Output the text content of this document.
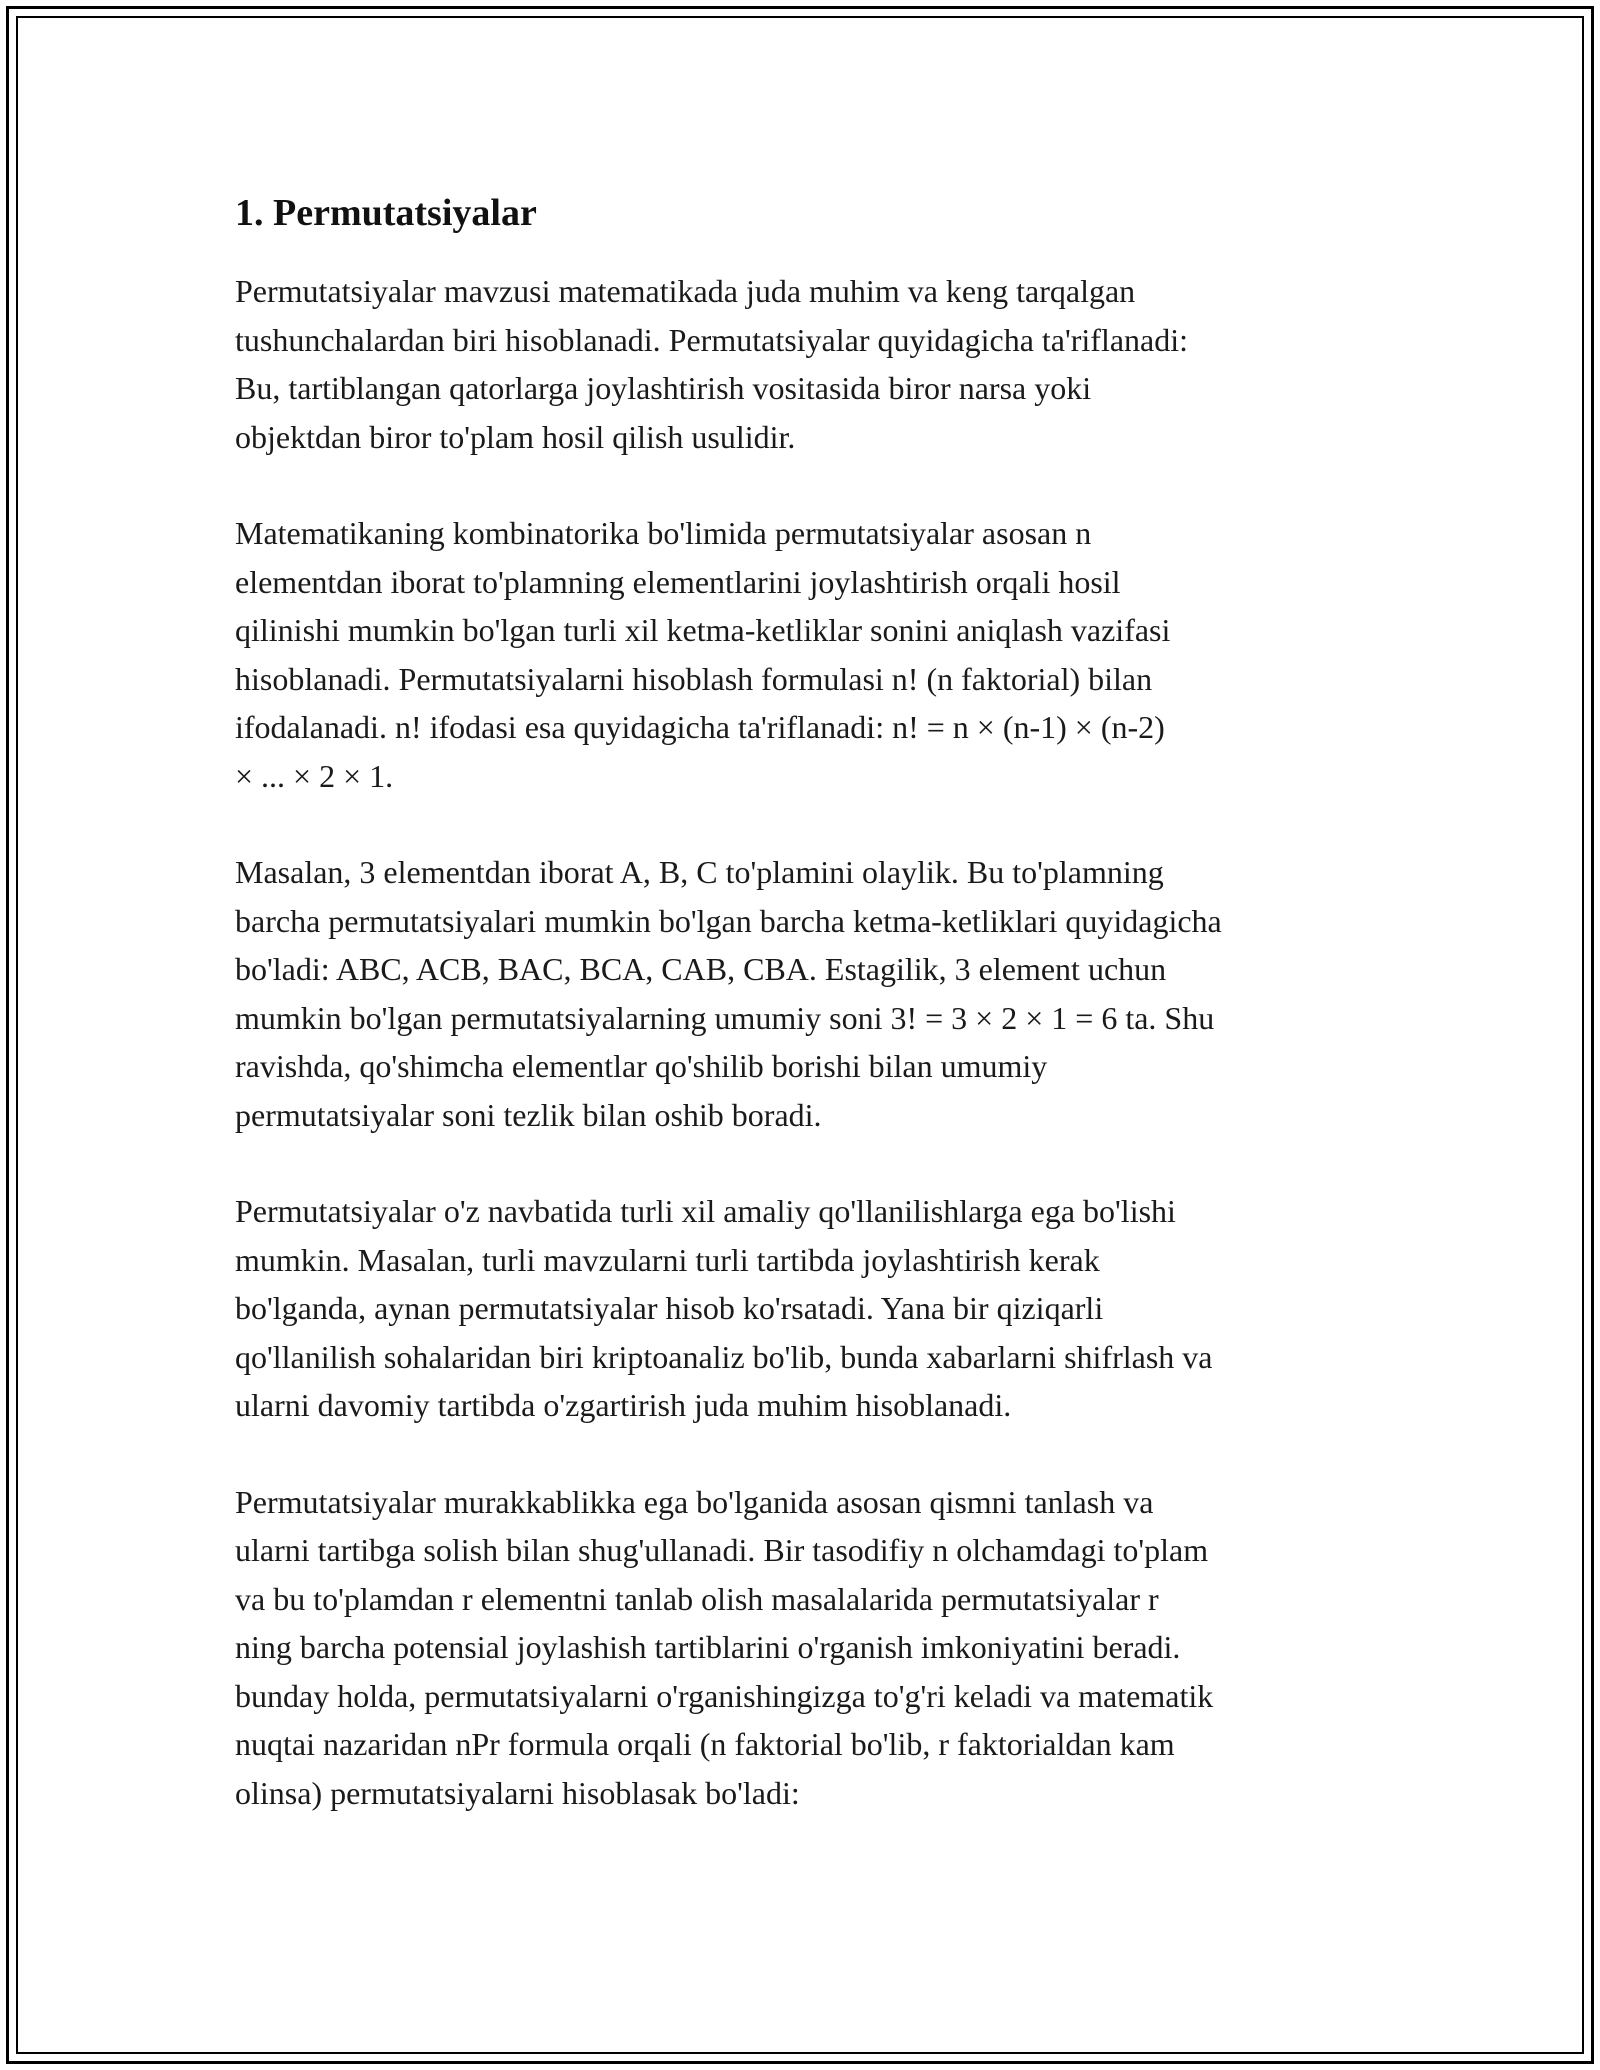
1. Permutatsiyalar

Permutatsiyalar mavzusi matematikada juda muhim va keng tarqalgan
tushunchalardan biri hisoblanadi. Permutatsiyalar quyidagicha ta'riflanadi:
Bu, tartiblangan qatorlarga joylashtirish vositasida biror narsa yoki
objektdan biror to'plam hosil qilish usulidir.

Matematikaning kombinatorika bo'limida permutatsiyalar asosan n
elementdan iborat to'plamning elementlarini joylashtirish orqali hosil
qilinishi mumkin bo'lgan turli xil ketma-ketliklar sonini aniqlash vazifasi
hisoblanadi. Permutatsiyalarni hisoblash formulasi n! (n faktorial) bilan
ifodalanadi. n! ifodasi esa quyidagicha ta'riflanadi: n! = n × (n-1) × (n-2)
× ... × 2 × 1.

Masalan, 3 elementdan iborat A, B, C to'plamini olaylik. Bu to'plamning
barcha permutatsiyalari mumkin bo'lgan barcha ketma-ketliklari quyidagicha
bo'ladi: ABC, ACB, BAC, BCA, CAB, CBA. Estagilik, 3 element uchun
mumkin bo'lgan permutatsiyalarning umumiy soni 3! = 3 × 2 × 1 = 6 ta. Shu
ravishda, qo'shimcha elementlar qo'shilib borishi bilan umumiy
permutatsiyalar soni tezlik bilan oshib boradi.

Permutatsiyalar o'z navbatida turli xil amaliy qo'llanilishlarga ega bo'lishi
mumkin. Masalan, turli mavzularni turli tartibda joylashtirish kerak
bo'lganda, aynan permutatsiyalar hisob ko'rsatadi. Yana bir qiziqarli
qo'llanilish sohalaridan biri kriptoanaliz bo'lib, bunda xabarlarni shifrlash va
ularni davomiy tartibda o'zgartirish juda muhim hisoblanadi.

Permutatsiyalar murakkablikka ega bo'lganida asosan qismni tanlash va
ularni tartibga solish bilan shug'ullanadi. Bir tasodifiy n olchamdagi to'plam
va bu to'plamdan r elementni tanlab olish masalalarida permutatsiyalar r
ning barcha potensial joylashish tartiblarini o'rganish imkoniyatini beradi.
bunday holda, permutatsiyalarni o'rganishingizga to'g'ri keladi va matematik
nuqtai nazaridan nPr formula orqali (n faktorial bo'lib, r faktorialdan kam
olinsa) permutatsiyalarni hisoblasak bo'ladi:
